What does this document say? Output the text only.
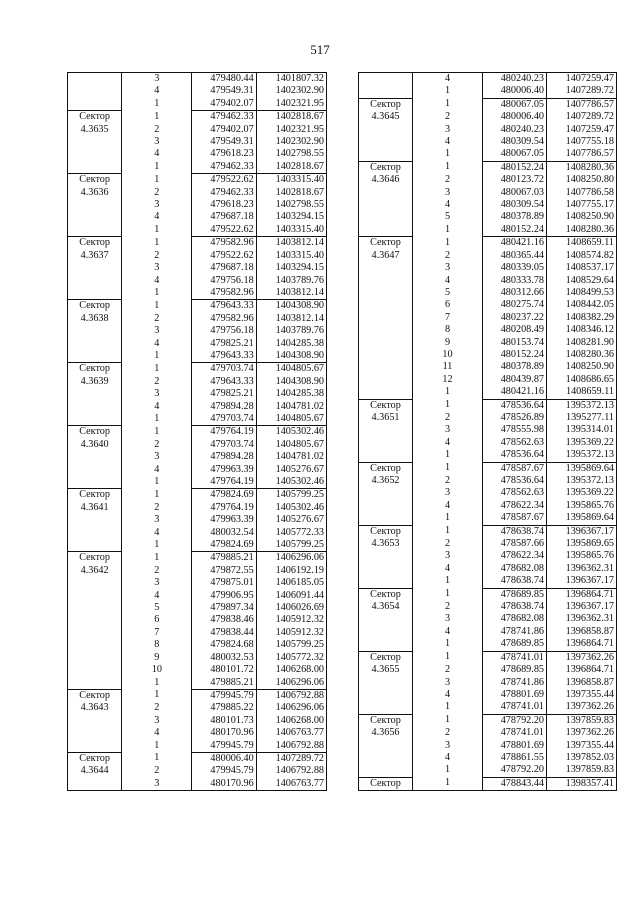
517
	3	479480.44	1401807.32
	4	479549.31	1402302.90
	1	479402.07	1402321.95
Сектор	1	479462.33	1402818.67
4.3635	2	479402.07	1402321.95
	3	479549.31	1402302.90
	4	479618.23	1402798.55
	1	479462.33	1402818.67
Сектор	1	479522.62	1403315.40
4.3636	2	479462.33	1402818.67
	3	479618.23	1402798.55
	4	479687.18	1403294.15
	1	479522.62	1403315.40
Сектор	1	479582.96	1403812.14
4.3637	2	479522.62	1403315.40
	3	479687.18	1403294.15
	4	479756.18	1403789.76
	1	479582.96	1403812.14
Сектор	1	479643.33	1404308.90
4.3638	2	479582.96	1403812.14
	3	479756.18	1403789.76
	4	479825.21	1404285.38
	1	479643.33	1404308.90
Сектор	1	479703.74	1404805.67
4.3639	2	479643.33	1404308.90
	3	479825.21	1404285.38
	4	479894.28	1404781.02
	1	479703.74	1404805.67
Сектор	1	479764.19	1405302.46
4.3640	2	479703.74	1404805.67
	3	479894.28	1404781.02
	4	479963.39	1405276.67
	1	479764.19	1405302.46
Сектор	1	479824.69	1405799.25
4.3641	2	479764.19	1405302.46
	3	479963.39	1405276.67
	4	480032.54	1405772.33
	1	479824.69	1405799.25
Сектор	1	479885.21	1406296.06
4.3642	2	479872.55	1406192.19
	3	479875.01	1406185.05
	4	479906.95	1406091.44
	5	479897.34	1406026.69
	6	479838.46	1405912.32
	7	479838.44	1405912.32
	8	479824.68	1405799.25
	9	480032.53	1405772.32
	10	480101.72	1406268.00
	1	479885.21	1406296.06
Сектор	1	479945.79	1406792.88
4.3643	2	479885.22	1406296.06
	3	480101.73	1406268.00
	4	480170.96	1406763.77
	1	479945.79	1406792.88
Сектор	1	480006.40	1407289.72
4.3644	2	479945.79	1406792.88
	3	480170.96	1406763.77
	4	480240.23	1407259.47
	1	480006.40	1407289.72
Сектор	1	480067.05	1407786.57
4.3645	2	480006.40	1407289.72
	3	480240.23	1407259.47
	4	480309.54	1407755.18
	1	480067.05	1407786.57
Сектор	1	480152.24	1408280.36
4.3646	2	480123.72	1408250.80
	3	480067.03	1407786.58
	4	480309.54	1407755.17
	5	480378.89	1408250.90
	1	480152.24	1408280.36
Сектор	1	480421.16	1408659.11
4.3647	2	480365.44	1408574.82
	3	480339.05	1408537.17
	4	480333.78	1408529.64
	5	480312.66	1408499.53
	6	480275.74	1408442.05
	7	480237.22	1408382.29
	8	480208.49	1408346.12
	9	480153.74	1408281.90
	10	480152.24	1408280.36
	11	480378.89	1408250.90
	12	480439.87	1408686.65
	1	480421.16	1408659.11
Сектор	1	478536.64	1395372.13
4.3651	2	478526.89	1395277.11
	3	478555.98	1395314.01
	4	478562.63	1395369.22
	1	478536.64	1395372.13
Сектор	1	478587.67	1395869.64
4.3652	2	478536.64	1395372.13
	3	478562.63	1395369.22
	4	478622.34	1395865.76
	1	478587.67	1395869.64
Сектор	1	478638.74	1396367.17
4.3653	2	478587.66	1395869.65
	3	478622.34	1395865.76
	4	478682.08	1396362.31
	1	478638.74	1396367.17
Сектор	1	478689.85	1396864.71
4.3654	2	478638.74	1396367.17
	3	478682.08	1396362.31
	4	478741.86	1396858.87
	1	478689.85	1396864.71
Сектор	1	478741.01	1397362.26
4.3655	2	478689.85	1396864.71
	3	478741.86	1396858.87
	4	478801.69	1397355.44
	1	478741.01	1397362.26
Сектор	1	478792.20	1397859.83
4.3656	2	478741.01	1397362.26
	3	478801.69	1397355.44
	4	478861.55	1397852.03
	1	478792.20	1397859.83
Сектор	1	478843.44	1398357.41
